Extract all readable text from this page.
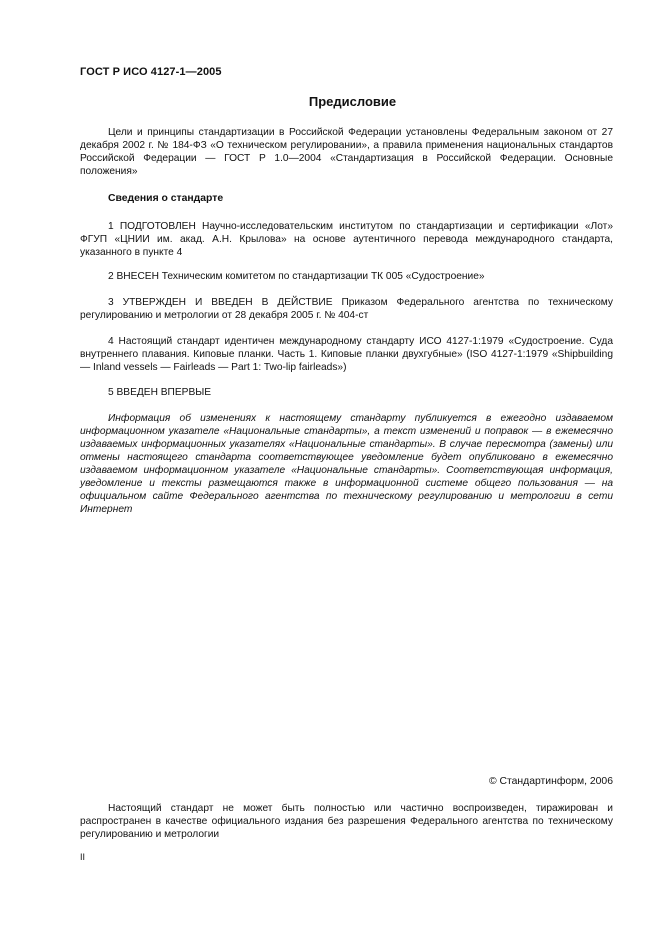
ГОСТ Р ИСО 4127-1—2005
Предисловие

Цели и принципы стандартизации в Российской Федерации установлены Федеральным законом от 27 декабря 2002 г. № 184-ФЗ «О техническом регулировании», а правила применения национальных стандартов Российской Федерации — ГОСТ Р 1.0—2004 «Стандартизация в Российской Федерации. Основные положения»

Сведения о стандарте

1 ПОДГОТОВЛЕН Научно-исследовательским институтом по стандартизации и сертификации «Лот» ФГУП «ЦНИИ им. акад. А.Н. Крылова» на основе аутентичного перевода международного стандарта, указанного в пункте 4

2 ВНЕСЕН Техническим комитетом по стандартизации ТК 005 «Судостроение»

3 УТВЕРЖДЕН И ВВЕДЕН В ДЕЙСТВИЕ Приказом Федерального агентства по техническому регулированию и метрологии от 28 декабря 2005 г. № 404-ст

4 Настоящий стандарт идентичен международному стандарту ИСО 4127-1:1979 «Судостроение. Суда внутреннего плавания. Киповые планки. Часть 1. Киповые планки двухгубные» (ISO 4127-1:1979 «Shipbuilding — Inland vessels — Fairleads — Part 1: Two-lip fairleads»)

5 ВВЕДЕН ВПЕРВЫЕ

Информация об изменениях к настоящему стандарту публикуется в ежегодно издаваемом информационном указателе «Национальные стандарты», а текст изменений и поправок — в ежемесячно издаваемых информационных указателях «Национальные стандарты». В случае пересмотра (замены) или отмены настоящего стандарта соответствующее уведомление будет опубликовано в ежемесячно издаваемом информационном указателе «Национальные стандарты». Соответствующая информация, уведомление и тексты размещаются также в информационной системе общего пользования — на официальном сайте Федерального агентства по техническому регулированию и метрологии в сети Интернет

© Стандартинформ, 2006

Настоящий стандарт не может быть полностью или частично воспроизведен, тиражирован и распространен в качестве официального издания без разрешения Федерального агентства по техническому регулированию и метрологии

II
